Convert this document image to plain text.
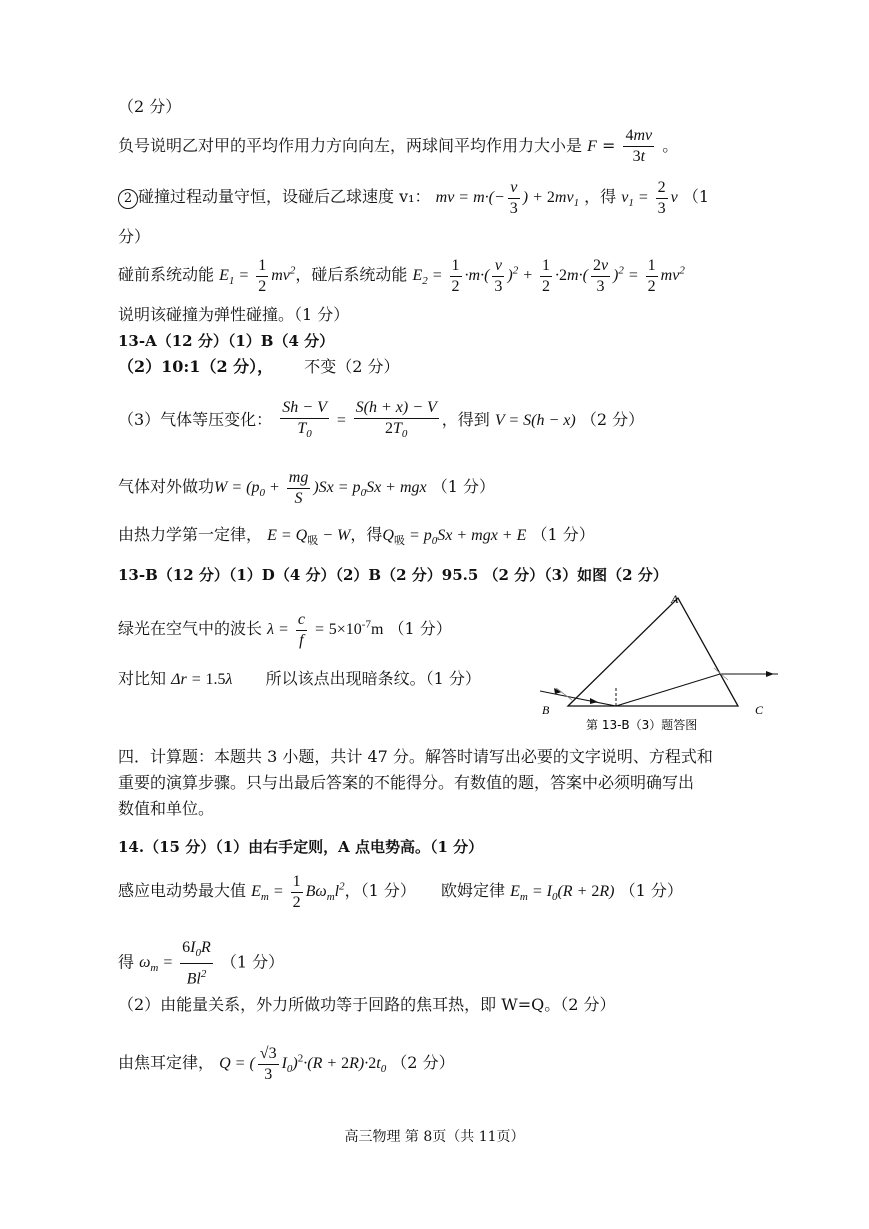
（2 分）
负号说明乙对甲的平均作用力方向向左，两球间平均作用力大小是 $F = \frac{4mv}{3t}$ 。
2 碰撞过程动量守恒，设碰后乙球速度 v₁： mv = $m\cdot(- \frac{v}{3}$ ) + $2mv_1$ ，得 $v_1 = \frac{2}{3}$ v （1
分）
碰前系统动能 $E_1 = \frac{1}{2} mv^2$，碰后系统动能 $E_2 = \frac{1}{2} \cdot m\cdot( \frac{v}{3} )^2 + \frac{1}{2} \cdot 2m\cdot( \frac{2v}{3} )^2 = \frac{1}{2} mv^2$
说明该碰撞为弹性碰撞。（1 分）
13-A（12 分）（1）B（4 分）
（2）10:1（2 分）， 不变（2 分）
（3）气体等压变化： $\frac{Sh - V}{T_0} = \frac{S(h + x) - V}{2T_0}$ ，得到 V = S(h − x) （2 分）
气体对外做功$W = (p_0 + \frac{mg}{S} )Sx = p_0Sx$ + mgx （1 分）
由热力学第一定律， $E = Q_吸 - W$，得$Q_吸 = p_0Sx$ + mgx + E （1 分）
13-B（12 分）（1）D（4 分）（2）B（2 分）95.5 （2 分）（3）如图（2 分）
绿光在空气中的波长 $\lambda = \frac{c}{f} = 5\times 10^{-7}m$ （1 分）
对比知 Δr = 1.5λ 所以该点出现暗条纹。（1 分）
A
B	C
第 13-B（3）题答图
四．计算题：本题共 3 小题，共计 47 分。解答时请写出必要的文字说明、方程式和
重要的演算步骤。只与出最后答案的不能得分。有数值的题，答案中必须明确写出
数值和单位。
14.（15 分）（1）由右手定则，A 点电势高。（1 分）
感应电动势最大值 $E_m = \frac{1}{2} B\omega_ml^2$，（1 分） 欧姆定律 $E_m = I_0(R + 2R)$ （1 分）
得 $\omega_m = \frac{6I_0R}{Bl^2} (1$ 分）
（2）由能量关系，外力所做功等于回路的焦耳热，即 W=Q。（2 分）
由焦耳定律， Q = ( $\frac{√3}{3} I_0)^2\cdot(R + 2R)\cdot 2t_0$ （2 分）
高三物理 第 8页（共 11页）
